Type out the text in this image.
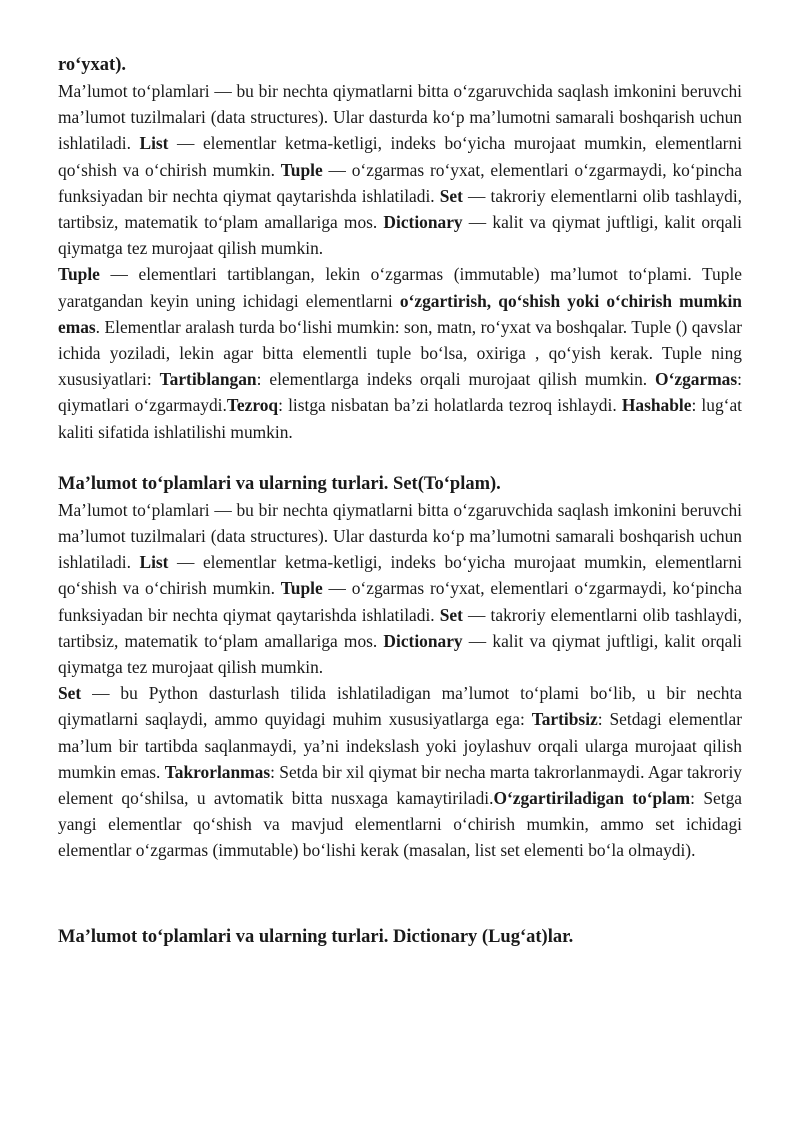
ro‘yxat).

Ma’lumot to‘plamlari — bu bir nechta qiymatlarni bitta o‘zgaruvchida saqlash imkonini beruvchi ma’lumot tuzilmalari (data structures). Ular dasturda ko‘p ma’lumotni samarali boshqarish uchun ishlatiladi. List — elementlar ketma-ketligi, indeks bo‘yicha murojaat mumkin, elementlarni qo‘shish va o‘chirish mumkin. Tuple — o‘zgarmas ro‘yxat, elementlari o‘zgarmaydi, ko‘pincha funksiyadan bir nechta qiymat qaytarishda ishlatiladi. Set — takroriy elementlarni olib tashlaydi, tartibsiz, matematik to‘plam amallariga mos. Dictionary — kalit va qiymat juftligi, kalit orqali qiymatga tez murojaat qilish mumkin.

Tuple — elementlari tartiblangan, lekin o‘zgarmas (immutable) ma’lumot to‘plami. Tuple yaratgandan keyin uning ichidagi elementlarni o‘zgartirish, qo‘shish yoki o‘chirish mumkin emas. Elementlar aralash turda bo‘lishi mumkin: son, matn, ro‘yxat va boshqalar. Tuple () qavslar ichida yoziladi, lekin agar bitta elementli tuple bo‘lsa, oxiriga , qo‘yish kerak. Tuple ning xususiyatlari: Tartiblangan: elementlarga indeks orqali murojaat qilish mumkin. O‘zgarmas: qiymatlari o‘zgarmaydi.Tezroq: listga nisbatan ba’zi holatlarda tezroq ishlaydi. Hashable: lug‘at kaliti sifatida ishlatilishi mumkin.

Ma’lumot to‘plamlari va ularning turlari. Set(To‘plam).

Ma’lumot to‘plamlari — bu bir nechta qiymatlarni bitta o‘zgaruvchida saqlash imkonini beruvchi ma’lumot tuzilmalari (data structures). Ular dasturda ko‘p ma’lumotni samarali boshqarish uchun ishlatiladi. List — elementlar ketma-ketligi, indeks bo‘yicha murojaat mumkin, elementlarni qo‘shish va o‘chirish mumkin. Tuple — o‘zgarmas ro‘yxat, elementlari o‘zgarmaydi, ko‘pincha funksiyadan bir nechta qiymat qaytarishda ishlatiladi. Set — takroriy elementlarni olib tashlaydi, tartibsiz, matematik to‘plam amallariga mos. Dictionary — kalit va qiymat juftligi, kalit orqali qiymatga tez murojaat qilish mumkin.

Set — bu Python dasturlash tilida ishlatiladigan ma’lumot to‘plami bo‘lib, u bir nechta qiymatlarni saqlaydi, ammo quyidagi muhim xususiyatlarga ega: Tartibsiz: Setdagi elementlar ma’lum bir tartibda saqlanmaydi, ya’ni indekslash yoki joylashuv orqali ularga murojaat qilish mumkin emas. Takrorlanmas: Setda bir xil qiymat bir necha marta takrorlanmaydi. Agar takroriy element qo‘shilsa, u avtomatik bitta nusxaga kamaytiriladi.O‘zgartiriladigan to‘plam: Setga yangi elementlar qo‘shish va mavjud elementlarni o‘chirish mumkin, ammo set ichidagi elementlar o‘zgarmas (immutable) bo‘lishi kerak (masalan, list set elementi bo‘la olmaydi).

Ma’lumot to‘plamlari va ularning turlari. Dictionary (Lug‘at)lar.
